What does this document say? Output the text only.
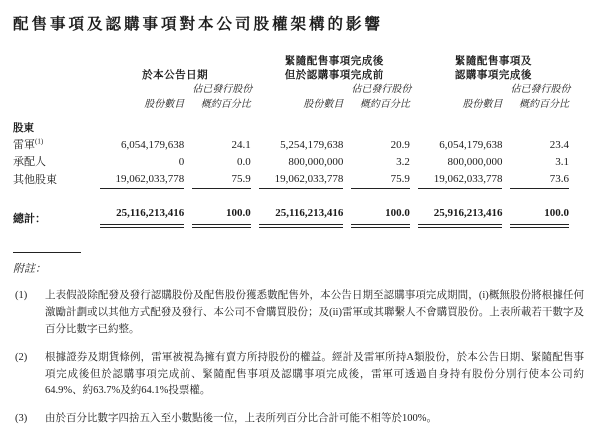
配售事項及認購事項對本公司股權架構的影響

於本公告日期

緊隨配售事項完成後
但於認購事項完成前

緊隨配售事項及
認購事項完成後

		佔已發行股份		佔已發行股份		佔已發行股份
	股份數目	概約百分比	股份數目	概約百分比	股份數目	概約百分比
股東						
雷軍$^{(1)}$	6,054,179,638	24.1	5,254,179,638	20.9	6,054,179,638	23.4
承配人	0	0.0	800,000,000	3.2	800,000,000	3.1
其他股東	19,062,033,778	75.9	19,062,033,778	75.9	19,062,033,778	73.6
總計：	25,116,213,416	100.0	25,116,213,416	100.0	25,916,213,416	100.0
附註：
(1)	上表假設除配發及發行認購股份及配售股份獲悉數配售外，本公告日期至認購事項完成期間，(i)概無股份將根據任何激勵計劃或以其他方式配發及發行、本公司不會購買股份；及(ii)雷軍或其聯繫人不會購買股份。上表所載若干數字及百分比數字已約整。
(2)	根據證券及期貨條例，雷軍被視為擁有賣方所持股份的權益。經計及雷軍所持A類股份，於本公告日期、緊隨配售事項完成後但於認購事項完成前、緊隨配售事項及認購事項完成後，雷軍可透過自身持有股份分別行使本公司約64.9%、約63.7%及約64.1%投票權。
(3)	由於百分比數字四捨五入至小數點後一位，上表所列百分比合計可能不相等於100%。
